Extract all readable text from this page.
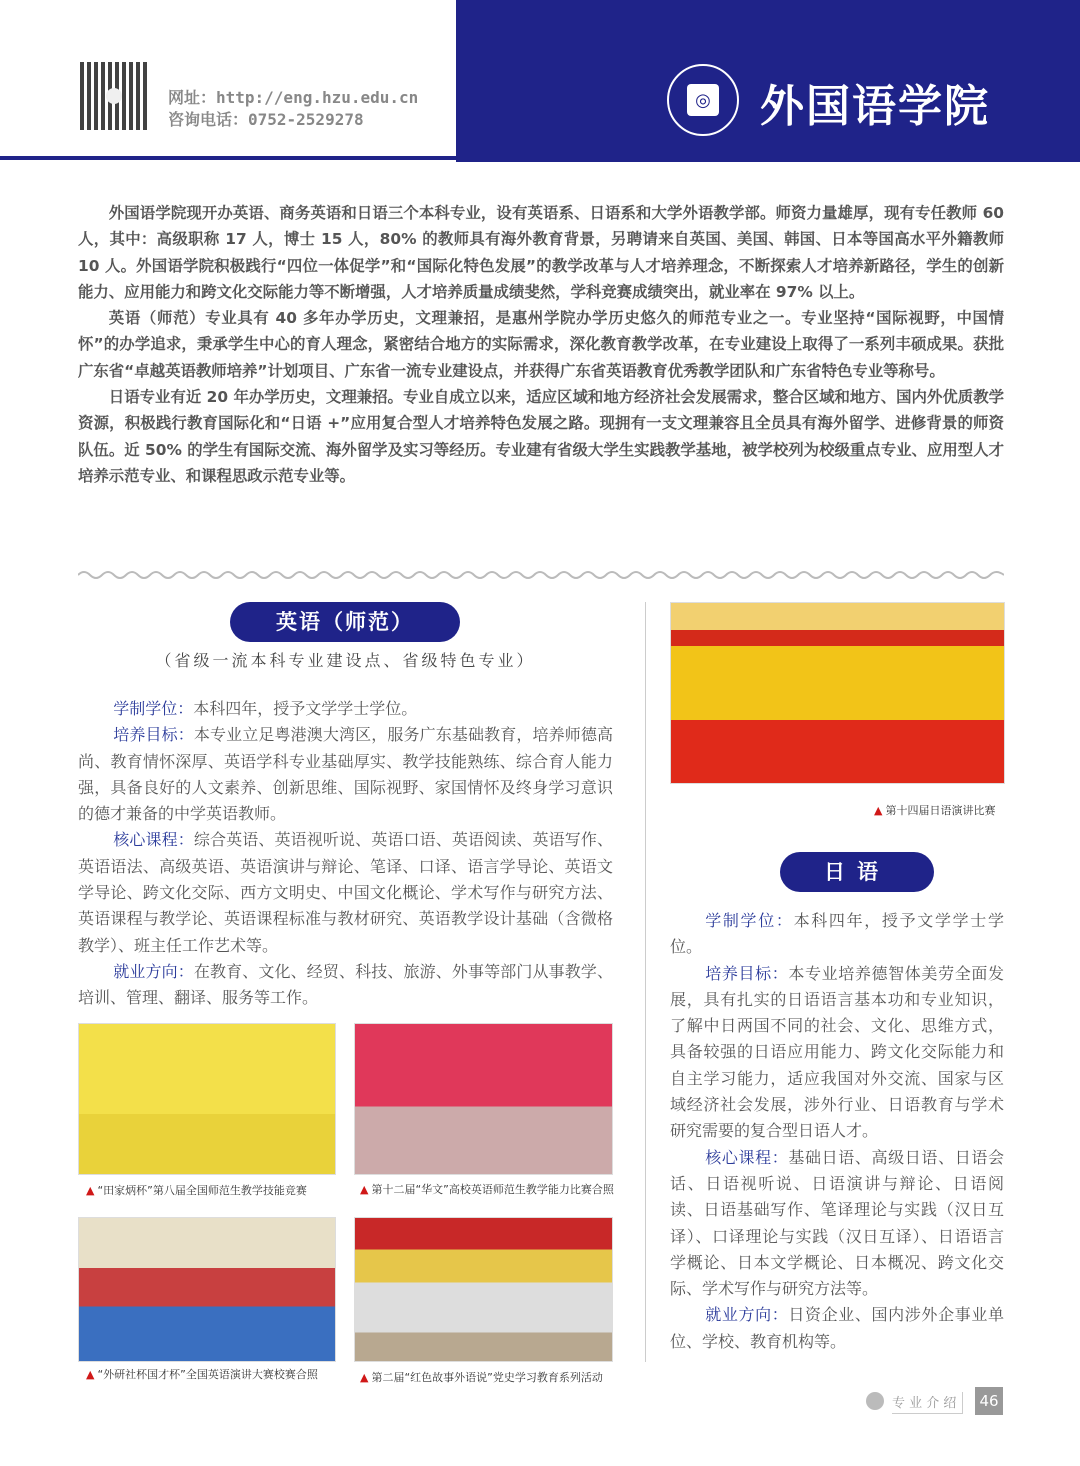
网址：http://eng.hzu.edu.cn
咨询电话：0752-2529278
◎ 外国语学院

外国语学院现开办英语、商务英语和日语三个本科专业，设有英语系、日语系和大学外语教学部。师资力量雄厚，现有专任教师 60 人，其中：高级职称 17 人，博士 15 人，80% 的教师具有海外教育背景，另聘请来自英国、美国、韩国、日本等国高水平外籍教师 10 人。外国语学院积极践行“四位一体促学”和“国际化特色发展”的教学改革与人才培养理念，不断探索人才培养新路径，学生的创新能力、应用能力和跨文化交际能力等不断增强，人才培养质量成绩斐然，学科竞赛成绩突出，就业率在 97% 以上。

英语（师范）专业具有 40 多年办学历史，文理兼招，是惠州学院办学历史悠久的师范专业之一。专业坚持“国际视野，中国情怀”的办学追求，秉承学生中心的育人理念，紧密结合地方的实际需求，深化教育教学改革，在专业建设上取得了一系列丰硕成果。获批广东省“卓越英语教师培养”计划项目、广东省一流专业建设点，并获得广东省英语教育优秀教学团队和广东省特色专业等称号。

日语专业有近 20 年办学历史，文理兼招。专业自成立以来，适应区域和地方经济社会发展需求，整合区域和地方、国内外优质教学资源，积极践行教育国际化和“日语 +”应用复合型人才培养特色发展之路。现拥有一支文理兼容且全员具有海外留学、进修背景的师资队伍。近 50% 的学生有国际交流、海外留学及实习等经历。专业建有省级大学生实践教学基地，被学校列为校级重点专业、应用型人才培养示范专业、和课程思政示范专业等。

英语（师范）
（省级一流本科专业建设点、省级特色专业）

学制学位：本科四年，授予文学学士学位。

培养目标：本专业立足粤港澳大湾区，服务广东基础教育，培养师德高尚、教育情怀深厚、英语学科专业基础厚实、教学技能熟练、综合育人能力强，具备良好的人文素养、创新思维、国际视野、家国情怀及终身学习意识的德才兼备的中学英语教师。

核心课程：综合英语、英语视听说、英语口语、英语阅读、英语写作、英语语法、高级英语、英语演讲与辩论、笔译、口译、语言学导论、英语文学导论、跨文化交际、西方文明史、中国文化概论、学术写作与研究方法、英语课程与教学论、英语课程标准与教材研究、英语教学设计基础（含微格教学）、班主任工作艺术等。

就业方向：在教育、文化、经贸、科技、旅游、外事等部门从事教学、培训、管理、翻译、服务等工作。

▲ “田家炳杯”第八届全国师范生教学技能竞赛	▲ 第十二届“华文”高校英语师范生教学能力比赛合照
▲ “外研社杯国才杯”全国英语演讲大赛校赛合照	▲ 第二届“红色故事外语说”党史学习教育系列活动
▲ 第十四届日语演讲比赛
日语

学制学位：本科四年，授予文学学士学位。

培养目标：本专业培养德智体美劳全面发展，具有扎实的日语语言基本功和专业知识，了解中日两国不同的社会、文化、思维方式，具备较强的日语应用能力、跨文化交际能力和自主学习能力，适应我国对外交流、国家与区域经济社会发展，涉外行业、日语教育与学术研究需要的复合型日语人才。

核心课程：基础日语、高级日语、日语会话、日语视听说、日语演讲与辩论、日语阅读、日语基础写作、笔译理论与实践（汉日互译）、口译理论与实践（汉日互译）、日语语言学概论、日本文学概论、日本概况、跨文化交际、学术写作与研究方法等。

就业方向：日资企业、国内涉外企事业单位、学校、教育机构等。

专 业 介 绍	46
